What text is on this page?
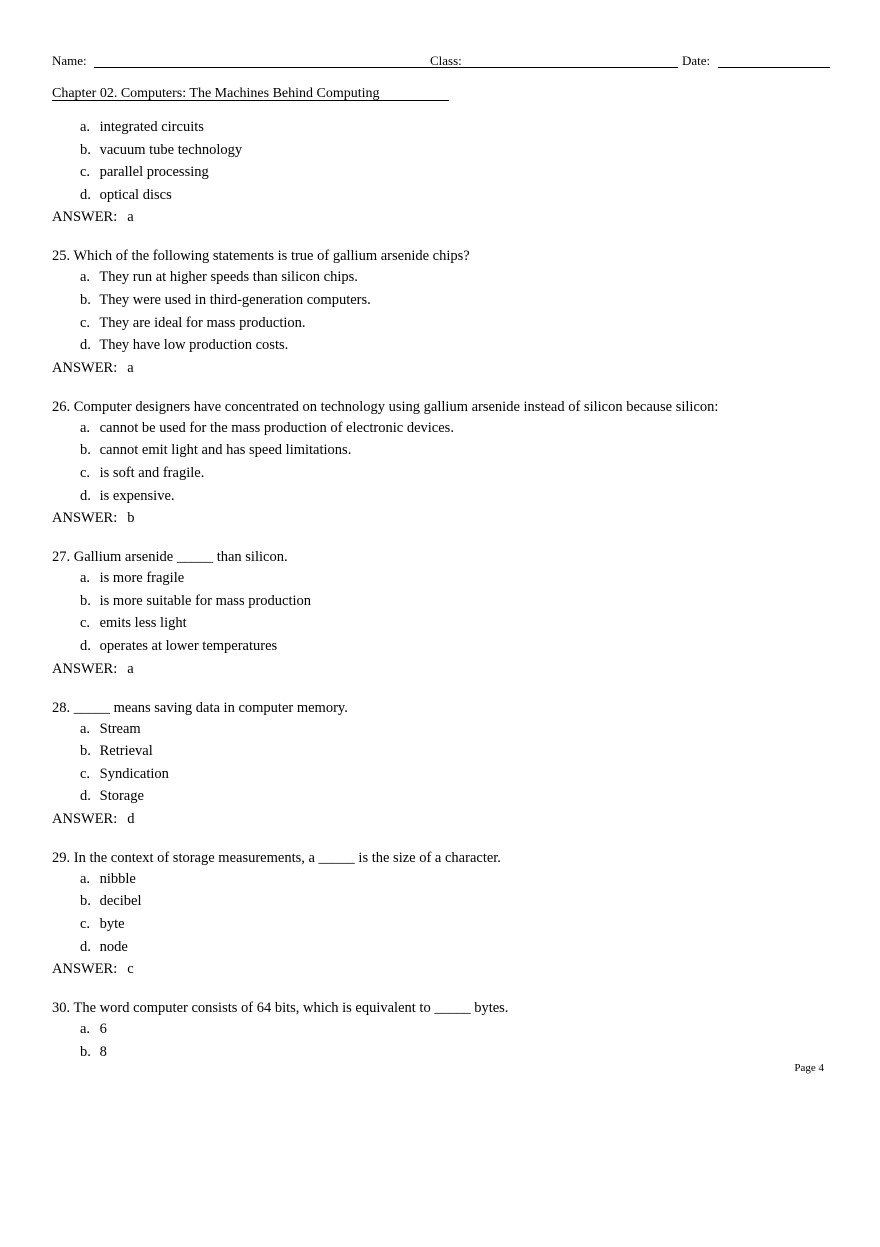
Name:	Class:	Date:
Chapter 02. Computers: The Machines Behind Computing
a. integrated circuits
b. vacuum tube technology
c. parallel processing
d. optical discs
ANSWER: a
25. Which of the following statements is true of gallium arsenide chips?
a. They run at higher speeds than silicon chips.
b. They were used in third-generation computers.
c. They are ideal for mass production.
d. They have low production costs.
ANSWER: a
26. Computer designers have concentrated on technology using gallium arsenide instead of silicon because silicon:
a. cannot be used for the mass production of electronic devices.
b. cannot emit light and has speed limitations.
c. is soft and fragile.
d. is expensive.
ANSWER: b
27. Gallium arsenide _____ than silicon.
a. is more fragile
b. is more suitable for mass production
c. emits less light
d. operates at lower temperatures
ANSWER: a
28. _____ means saving data in computer memory.
a. Stream
b. Retrieval
c. Syndication
d. Storage
ANSWER: d
29. In the context of storage measurements, a _____ is the size of a character.
a. nibble
b. decibel
c. byte
d. node
ANSWER: c
30. The word computer consists of 64 bits, which is equivalent to _____ bytes.
a. 6
b. 8
Page 4
